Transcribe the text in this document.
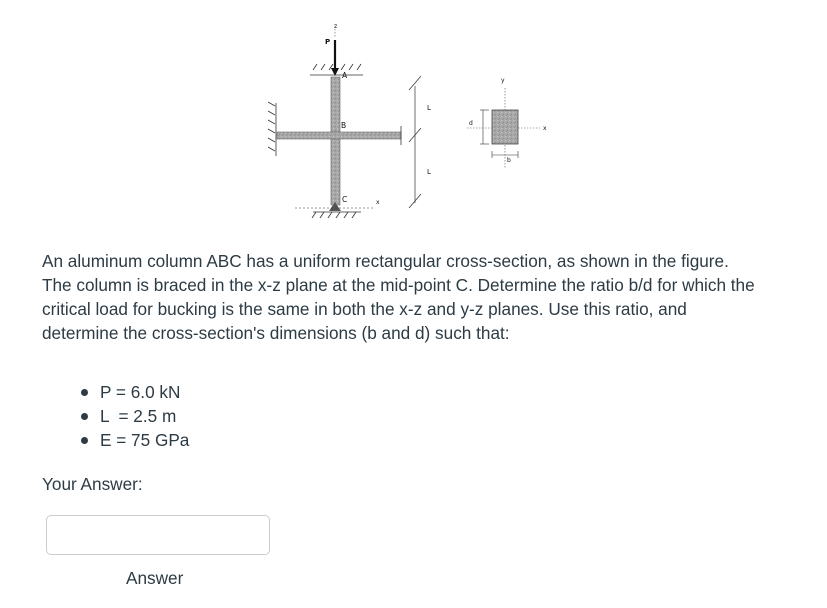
z
P
A
B
C	x
L
L
y
x
d
b

An aluminum column ABC has a uniform rectangular cross-section, as shown in the figure. The column is braced in the x-z plane at the mid-point C. Determine the ratio b/d for which the critical load for bucking is the same in both the x-z and y-z planes. Use this ratio, and determine the cross-section's dimensions (b and d) such that:

P = 6.0 kN
L  = 2.5 m
E = 75 GPa
Your Answer:
Answer
